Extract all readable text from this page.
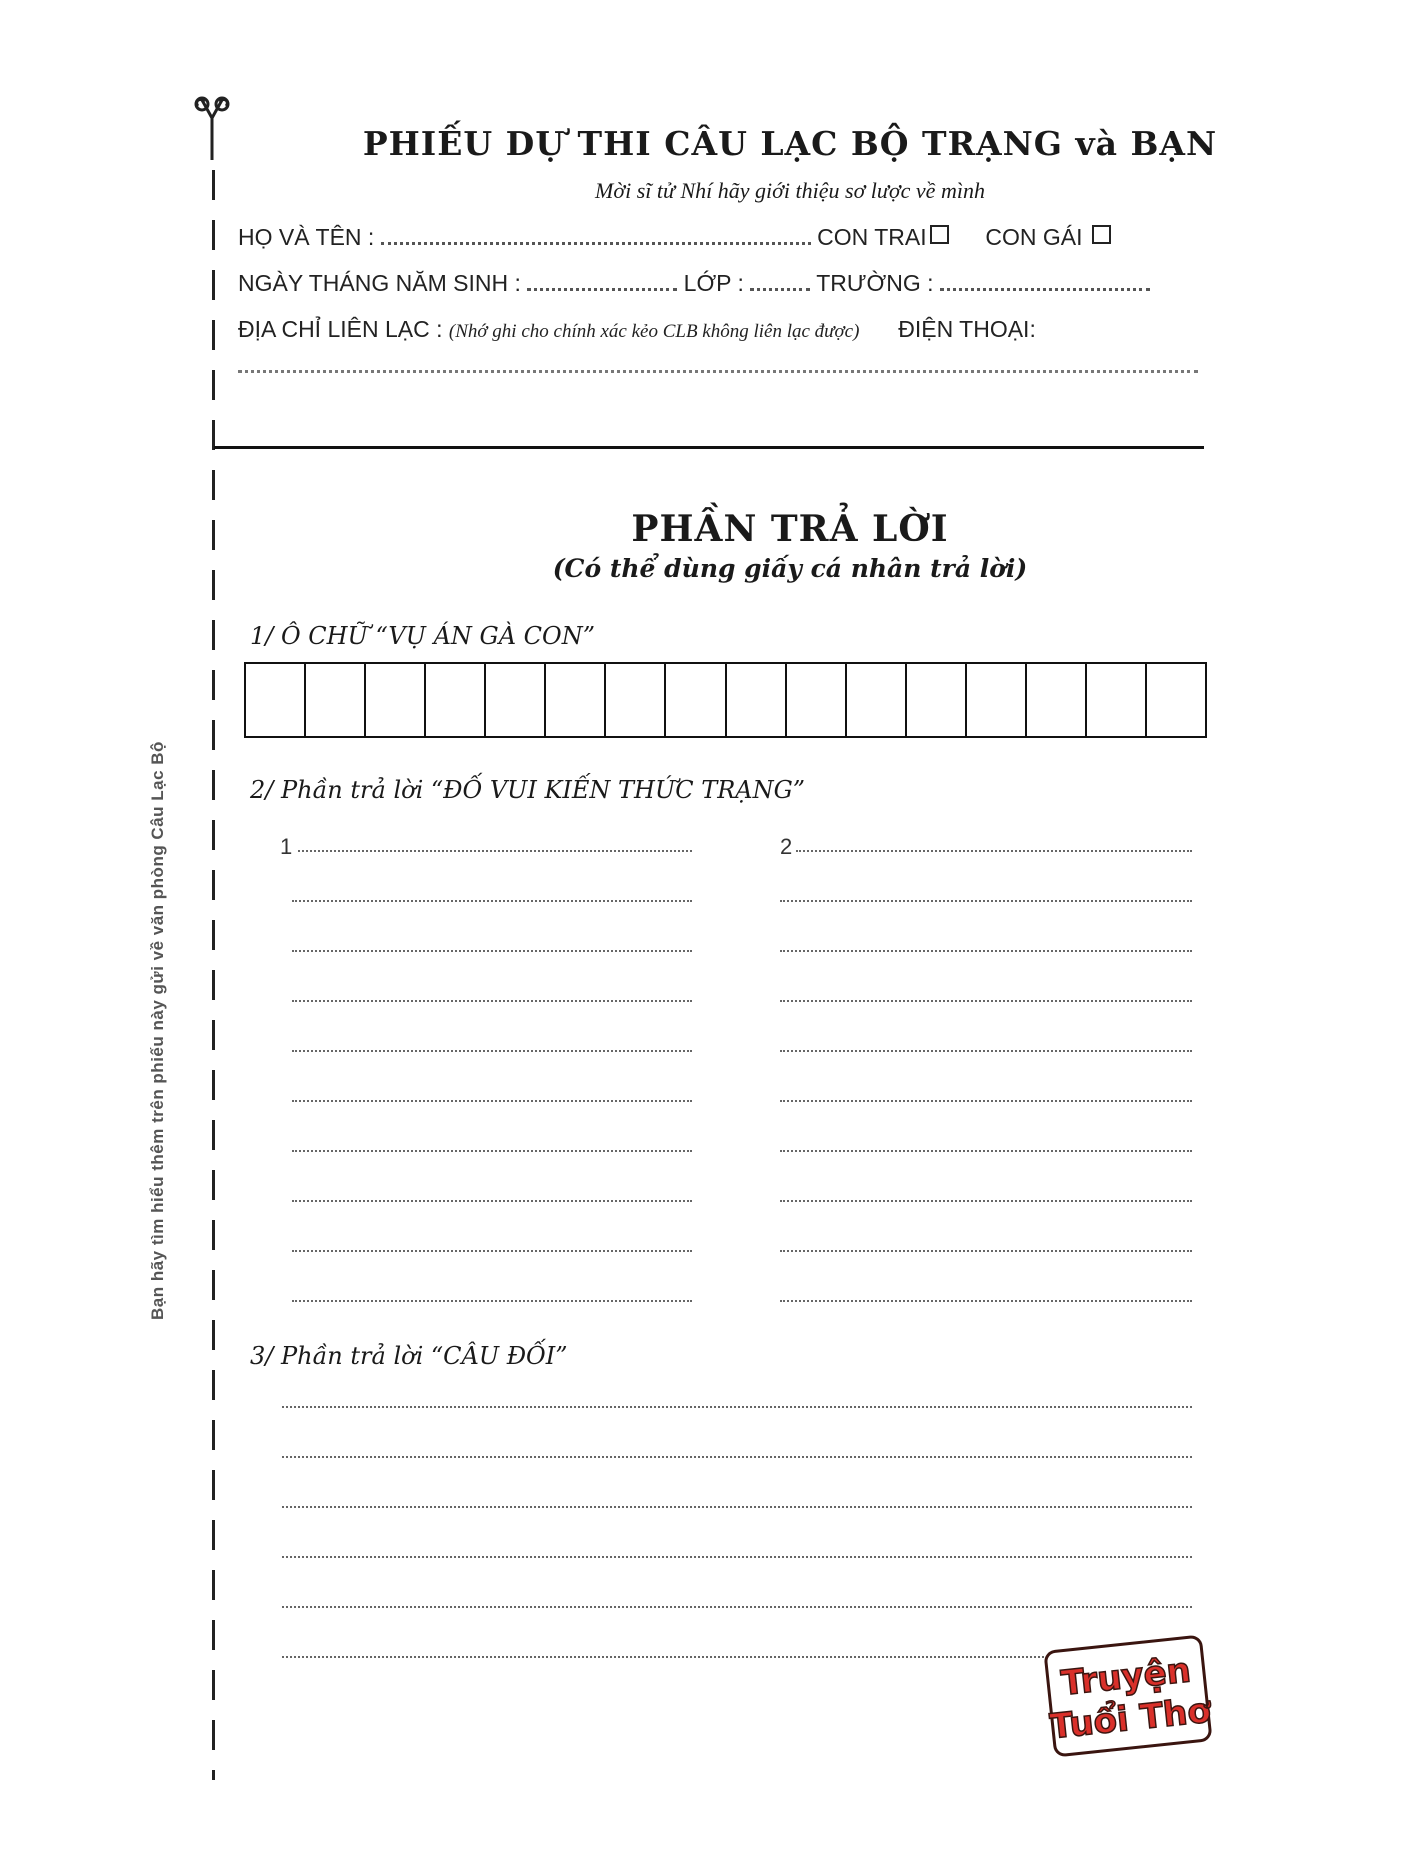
Bạn hãy tìm hiểu thêm trên phiếu này gửi về văn phòng Câu Lạc Bộ
PHIẾU DỰ THI CÂU LẠC BỘ TRẠNG và BẠN
Mời sĩ tử Nhí hãy giới thiệu sơ lược về mình
HỌ VÀ TÊN :	CON TRAI	CON GÁI
NGÀY THÁNG NĂM SINH :	LỚP :	TRƯỜNG :
ĐỊA CHỈ LIÊN LẠC : (Nhớ ghi cho chính xác kẻo CLB không liên lạc được) ĐIỆN THOẠI:
PHẦN TRẢ LỜI
(Có thể dùng giấy cá nhân trả lời)
1/ Ô CHỮ “VỤ ÁN GÀ CON”
2/ Phần trả lời “ĐỐ VUI KIẾN THỨC TRẠNG”
1	2
3/ Phần trả lời “CÂU ĐỐI”
Truyện
Tuổi Thơ
